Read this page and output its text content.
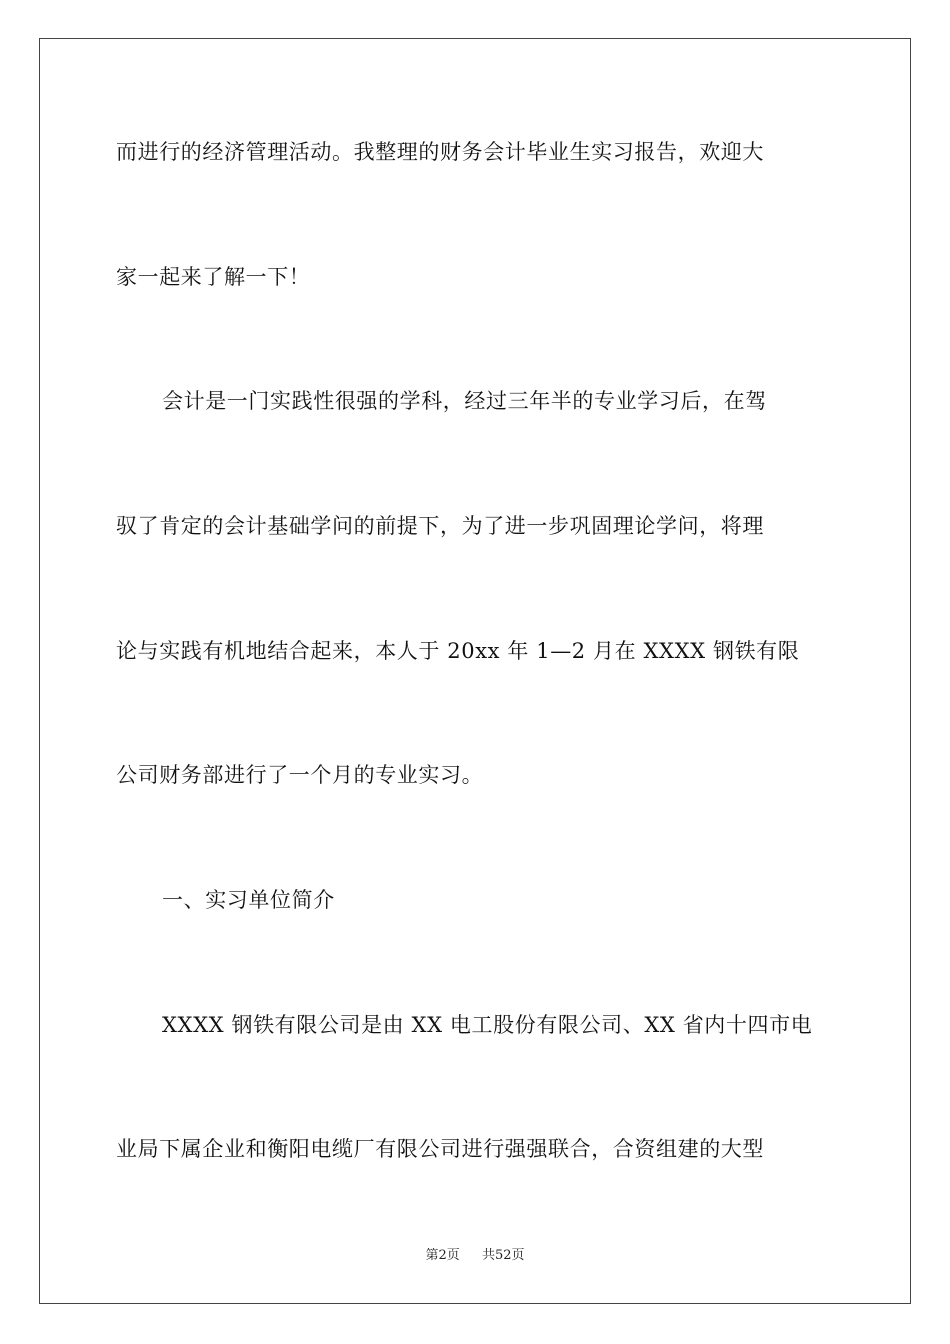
而进行的经济管理活动。我整理的财务会计毕业生实习报告，欢迎大
家一起来了解一下！
会计是一门实践性很强的学科，经过三年半的专业学习后，在驾
驭了肯定的会计基础学问的前提下，为了进一步巩固理论学问，将理
论与实践有机地结合起来，本人于 20xx 年 1—2 月在 XXXX 钢铁有限
公司财务部进行了一个月的专业实习。
一、实习单位简介
XXXX 钢铁有限公司是由 XX 电工股份有限公司、XX 省内十四市电
业局下属企业和衡阳电缆厂有限公司进行强强联合，合资组建的大型
第2页 共52页
